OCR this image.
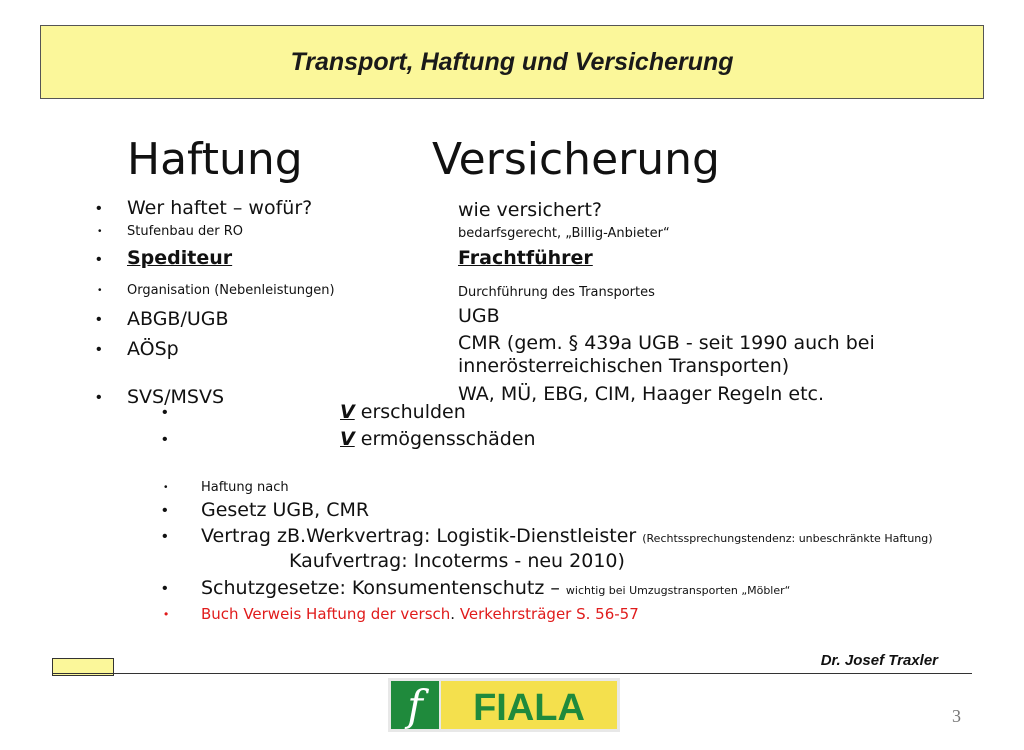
Transport, Haftung und Versicherung
Haftung	Versicherung
• Wer haftet – wofür?
• Stufenbau der RO
• Spediteur
• Organisation (Nebenleistungen)
• ABGB/UGB
• AÖSp
• SVS/MSVS
wie versichert?
bedarfsgerecht, „Billig-Anbieter“
Frachtführer
Durchführung des Transportes
UGB
CMR (gem. § 439a UGB - seit 1990 auch bei
innerösterreichischen Transporten)
WA, MÜ, EBG, CIM, Haager Regeln etc.
•	V erschulden
•	V ermögensschäden
•	Haftung nach
• Gesetz UGB, CMR
• Vertrag zB.Werkvertrag: Logistik-Dienstleister (Rechtssprechungstendenz: unbeschränkte Haftung)
Kaufvertrag: Incoterms - neu 2010)
• Schutzgesetze: Konsumentenschutz – wichtig bei Umzugstransporten „Möbler“
• Buch Verweis Haftung der versch. Verkehrsträger S. 56-57
Dr. Josef Traxler
f FIALA	3
